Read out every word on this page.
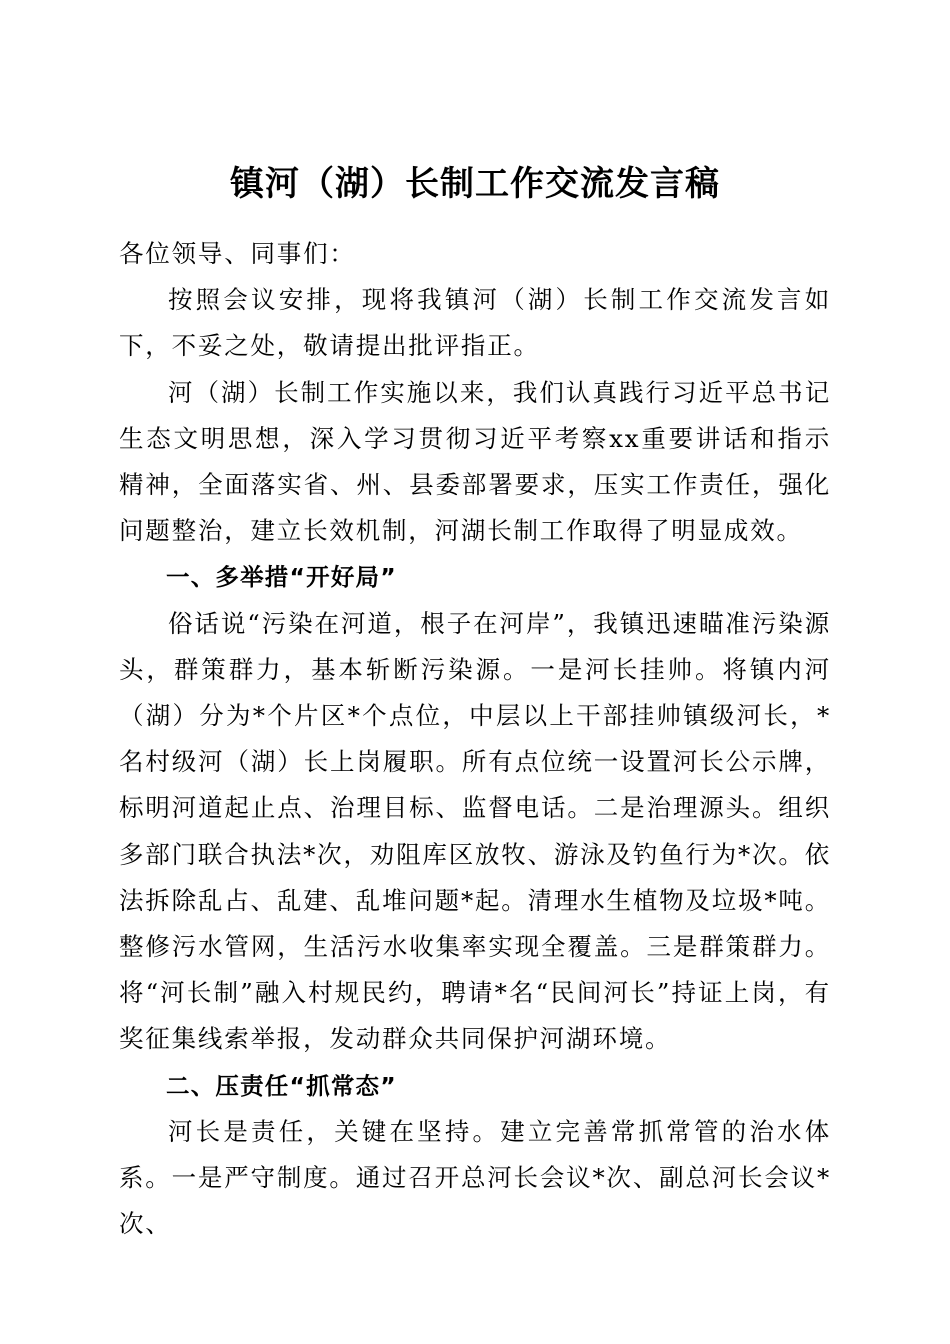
镇河（湖）长制工作交流发言稿

各位领导、同事们：

按照会议安排，现将我镇河（湖）长制工作交流发言如下，不妥之处，敬请提出批评指正。

河（湖）长制工作实施以来，我们认真践行习近平总书记生态文明思想，深入学习贯彻习近平考察xx重要讲话和指示精神，全面落实省、州、县委部署要求，压实工作责任，强化问题整治，建立长效机制，河湖长制工作取得了明显成效。

一、多举措“开好局”

俗话说“污染在河道，根子在河岸”，我镇迅速瞄准污染源头，群策群力，基本斩断污染源。一是河长挂帅。将镇内河（湖）分为*个片区*个点位，中层以上干部挂帅镇级河长，*名村级河（湖）长上岗履职。所有点位统一设置河长公示牌，标明河道起止点、治理目标、监督电话。二是治理源头。组织多部门联合执法*次，劝阻库区放牧、游泳及钓鱼行为*次。依法拆除乱占、乱建、乱堆问题*起。清理水生植物及垃圾*吨。整修污水管网，生活污水收集率实现全覆盖。三是群策群力。将“河长制”融入村规民约，聘请*名“民间河长”持证上岗，有奖征集线索举报，发动群众共同保护河湖环境。

二、压责任“抓常态”

河长是责任，关键在坚持。建立完善常抓常管的治水体系。一是严守制度。通过召开总河长会议*次、副总河长会议*次、
